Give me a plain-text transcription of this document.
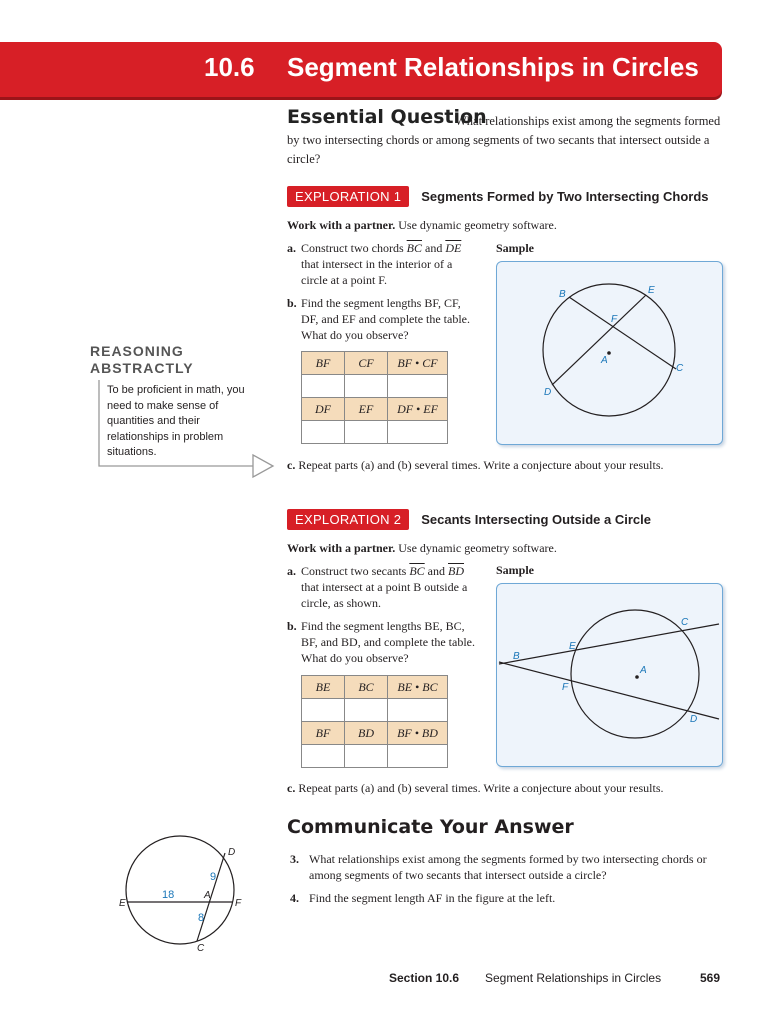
10.6 Segment Relationships in Circles
What relationships exist among the segments formed by two intersecting chords or among segments of two secants that intersect outside a circle?
Essential Question
EXPLORATION 1 Segments Formed by Two Intersecting Chords
Work with a partner. Use dynamic geometry software.
a. Construct two chords $\overline{BC}$ and $\overline{DE}$ that intersect in the interior of a circle at a point F.
Sample
b. Find the segment lengths BF, CF, DF, and EF and complete the table. What do you observe?
BF	CF	BF • CF

DF	EF	DF • EF

B	E
F
A
C
D
c. Repeat parts (a) and (b) several times. Write a conjecture about your results.
REASONING
ABSTRACTLY
To be proficient in math, you need to make sense of quantities and their relationships in problem situations.
EXPLORATION 2 Secants Intersecting Outside a Circle
Work with a partner. Use dynamic geometry software.
a. Construct two secants $\overline{BC}$ and $\overline{BD}$ that intersect at a point B outside a circle, as shown.
Sample
b. Find the segment lengths BE, BC, BF, and BD, and complete the table. What do you observe?
BE	BC	BE • BC

BF	BD	BF • BD

C
E
B
A
F
D
c. Repeat parts (a) and (b) several times. Write a conjecture about your results.
Communicate Your Answer
3. What relationships exist among the segments formed by two intersecting chords or among segments of two secants that intersect outside a circle?
4. Find the segment length AF in the figure at the left.
D
E
A
F
C
9
18
8
Section 10.6 Segment Relationships in Circles	569
